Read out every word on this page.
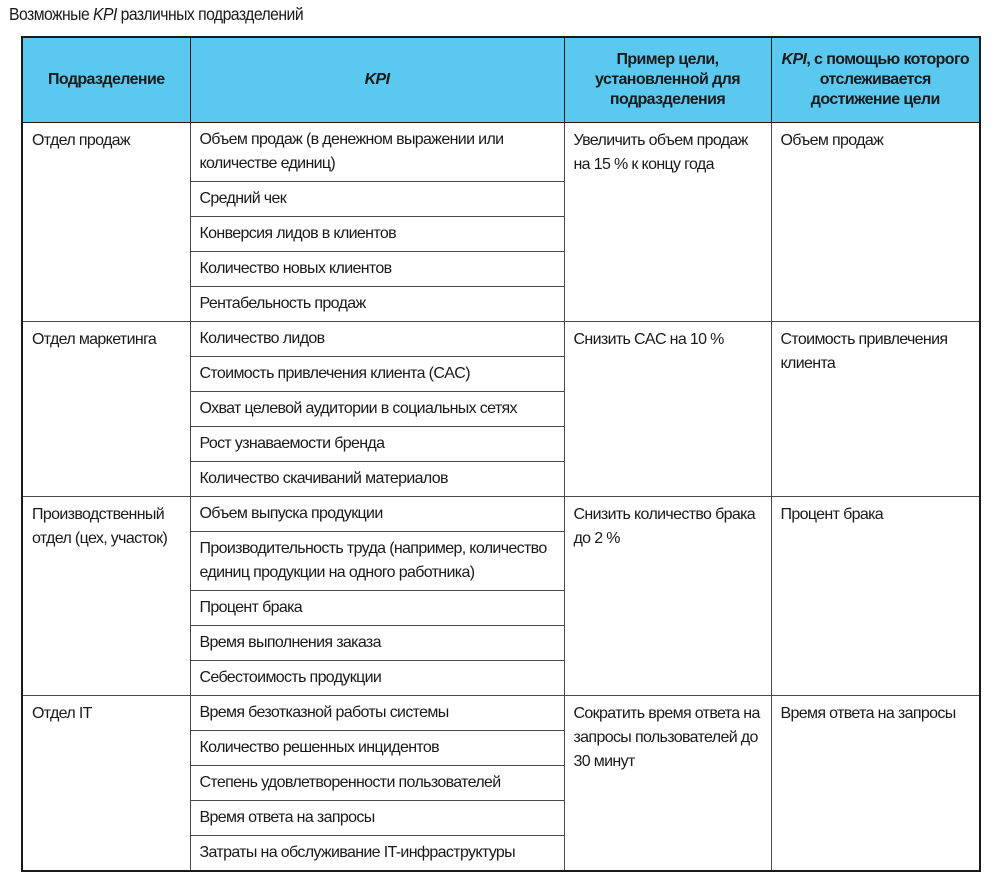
Возможные KPI различных подразделений
Подразделение	KPI	Пример цели, установленной для подразделения	KPI, с помощью которого отслеживается достижение цели
Отдел продаж	Объем продаж (в денежном выражении или количестве единиц)	Увеличить объем продаж на 15 % к концу года	Объем продаж
	Средний чек		
	Конверсия лидов в клиентов		
	Количество новых клиентов		
	Рентабельность продаж		
Отдел маркетинга	Количество лидов	Снизить CAC на 10 %	Стоимость привлечения клиента
	Стоимость привлечения клиента (CAC)		
	Охват целевой аудитории в социальных сетях		
	Рост узнаваемости бренда		
	Количество скачиваний материалов		
Производственный отдел (цех, участок)	Объем выпуска продукции	Снизить количество брака до 2 %	Процент брака
	Производительность труда (например, количество единиц продукции на одного работника)		
	Процент брака		
	Время выполнения заказа		
	Себестоимость продукции		
Отдел IT	Время безотказной работы системы	Сократить время ответа на запросы пользователей до 30 минут	Время ответа на запросы
	Количество решенных инцидентов		
	Степень удовлетворенности пользователей		
	Время ответа на запросы		
	Затраты на обслуживание IT-инфраструктуры		
